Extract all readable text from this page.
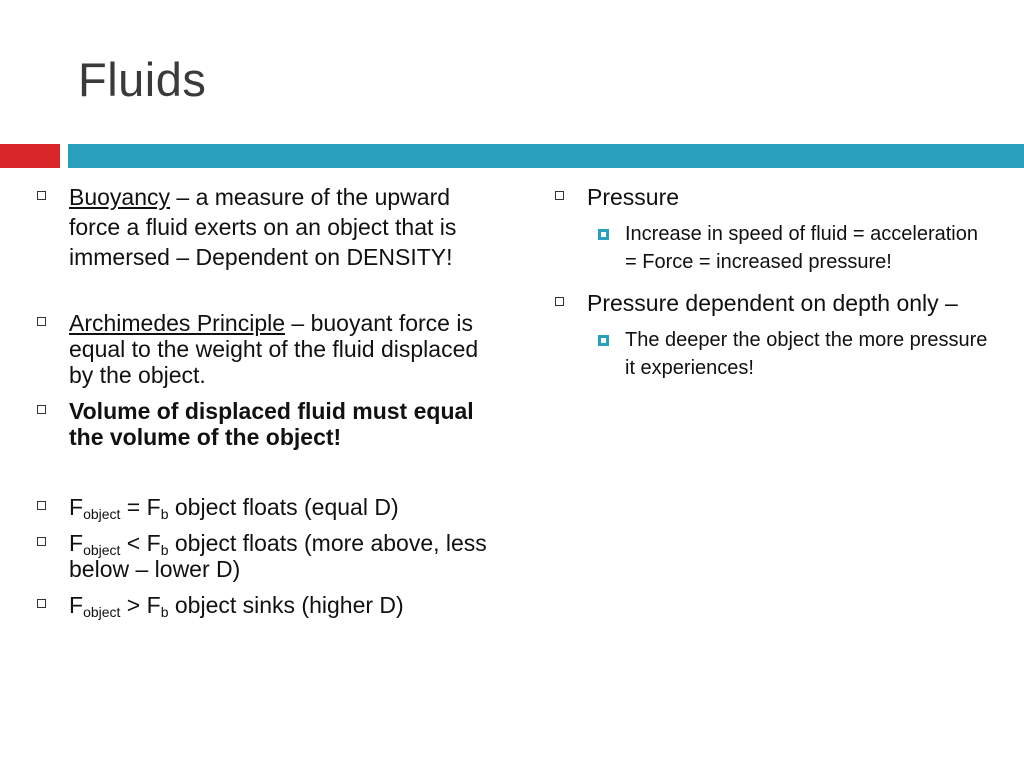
Fluids
Buoyancy – a measure of the upward force a fluid exerts on an object that is immersed – Dependent on DENSITY!
Archimedes Principle – buoyant force is equal to the weight of the fluid displaced by the object.
Volume of displaced fluid must equal the volume of the object!
$F_{object} = F_b$ object floats (equal D)
$F_{object} < F_b$ object floats (more above, less below – lower D)
$F_{object} > F_b$ object sinks (higher D)
Pressure
Increase in speed of fluid = acceleration = Force = increased pressure!
Pressure dependent on depth only –
The deeper the object the more pressure it experiences!
